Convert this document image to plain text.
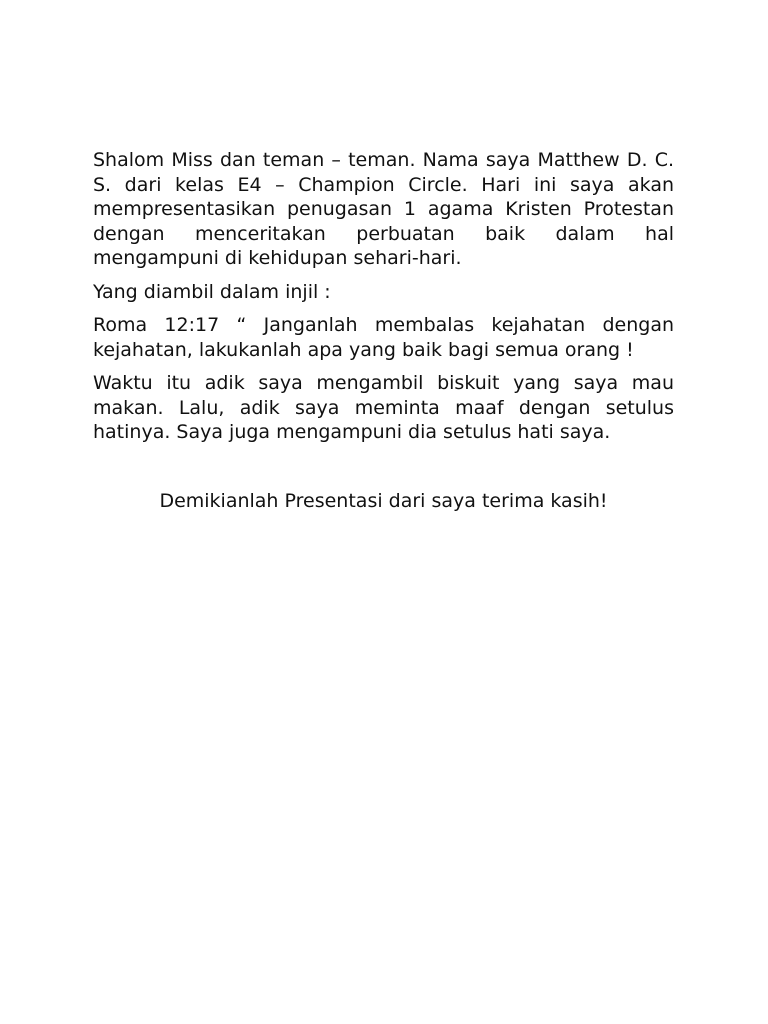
Shalom Miss dan teman – teman. Nama saya Matthew D. C. S. dari kelas E4 – Champion Circle. Hari ini saya akan mempresentasikan penugasan 1 agama Kristen Protestan dengan menceritakan perbuatan baik dalam hal mengampuni di kehidupan sehari-hari.

Yang diambil dalam injil :

Roma 12:17 “ Janganlah membalas kejahatan dengan kejahatan, lakukanlah apa yang baik bagi semua orang !

Waktu itu adik saya mengambil biskuit yang saya mau makan. Lalu, adik saya meminta maaf dengan setulus hatinya. Saya juga mengampuni dia setulus hati saya.

Demikianlah Presentasi dari saya terima kasih!
